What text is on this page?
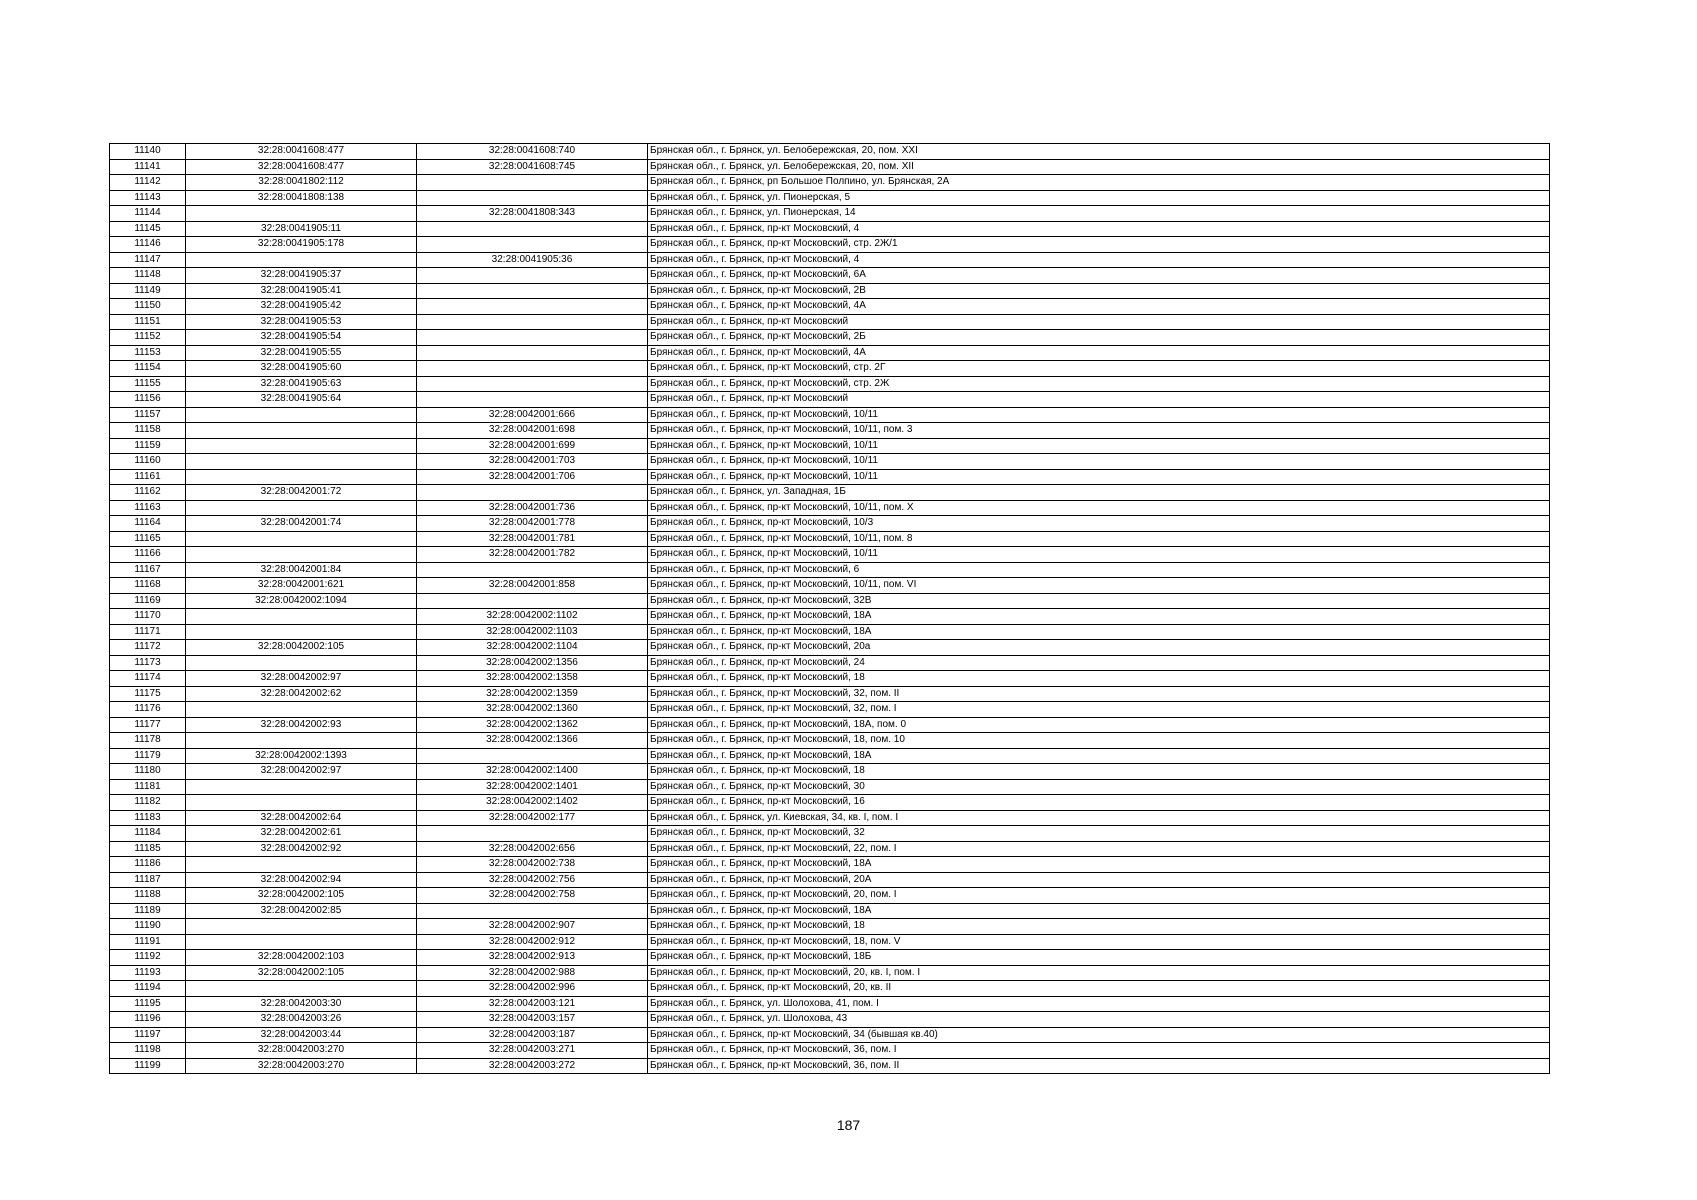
11140	32:28:0041608:477	32:28:0041608:740	Брянская обл., г. Брянск, ул. Белобережская, 20, пом. XXI
11141	32:28:0041608:477	32:28:0041608:745	Брянская обл., г. Брянск, ул. Белобережская, 20, пом. XII
11142	32:28:0041802:112		Брянская обл., г. Брянск, рп Большое Полпино, ул. Брянская, 2А
11143	32:28:0041808:138		Брянская обл., г. Брянск, ул. Пионерская, 5
11144		32:28:0041808:343	Брянская обл., г. Брянск, ул. Пионерская, 14
11145	32:28:0041905:11		Брянская обл., г. Брянск, пр-кт Московский, 4
11146	32:28:0041905:178		Брянская обл., г. Брянск, пр-кт Московский, стр. 2Ж/1
11147		32:28:0041905:36	Брянская обл., г. Брянск, пр-кт Московский, 4
11148	32:28:0041905:37		Брянская обл., г. Брянск, пр-кт Московский, 6А
11149	32:28:0041905:41		Брянская обл., г. Брянск, пр-кт Московский, 2В
11150	32:28:0041905:42		Брянская обл., г. Брянск, пр-кт Московский, 4А
11151	32:28:0041905:53		Брянская обл., г. Брянск, пр-кт Московский
11152	32:28:0041905:54		Брянская обл., г. Брянск, пр-кт Московский, 2Б
11153	32:28:0041905:55		Брянская обл., г. Брянск, пр-кт Московский, 4А
11154	32:28:0041905:60		Брянская обл., г. Брянск, пр-кт Московский, стр. 2Г
11155	32:28:0041905:63		Брянская обл., г. Брянск, пр-кт Московский, стр. 2Ж
11156	32:28:0041905:64		Брянская обл., г. Брянск, пр-кт Московский
11157		32:28:0042001:666	Брянская обл., г. Брянск, пр-кт Московский, 10/11
11158		32:28:0042001:698	Брянская обл., г. Брянск, пр-кт Московский, 10/11, пом. 3
11159		32:28:0042001:699	Брянская обл., г. Брянск, пр-кт Московский, 10/11
11160		32:28:0042001:703	Брянская обл., г. Брянск, пр-кт Московский, 10/11
11161		32:28:0042001:706	Брянская обл., г. Брянск, пр-кт Московский, 10/11
11162	32:28:0042001:72		Брянская обл., г. Брянск, ул. Западная, 1Б
11163		32:28:0042001:736	Брянская обл., г. Брянск, пр-кт Московский, 10/11, пом. X
11164	32:28:0042001:74	32:28:0042001:778	Брянская обл., г. Брянск, пр-кт Московский, 10/3
11165		32:28:0042001:781	Брянская обл., г. Брянск, пр-кт Московский, 10/11, пом. 8
11166		32:28:0042001:782	Брянская обл., г. Брянск, пр-кт Московский, 10/11
11167	32:28:0042001:84		Брянская обл., г. Брянск, пр-кт Московский, 6
11168	32:28:0042001:621	32:28:0042001:858	Брянская обл., г. Брянск, пр-кт Московский, 10/11, пом. VI
11169	32:28:0042002:1094		Брянская обл., г. Брянск, пр-кт Московский, 32В
11170		32:28:0042002:1102	Брянская обл., г. Брянск, пр-кт Московский, 18А
11171		32:28:0042002:1103	Брянская обл., г. Брянск, пр-кт Московский, 18А
11172	32:28:0042002:105	32:28:0042002:1104	Брянская обл., г. Брянск, пр-кт Московский, 20а
11173		32:28:0042002:1356	Брянская обл., г. Брянск, пр-кт Московский, 24
11174	32:28:0042002:97	32:28:0042002:1358	Брянская обл., г. Брянск, пр-кт Московский, 18
11175	32:28:0042002:62	32:28:0042002:1359	Брянская обл., г. Брянск, пр-кт Московский, 32, пом. II
11176		32:28:0042002:1360	Брянская обл., г. Брянск, пр-кт Московский, 32, пом. I
11177	32:28:0042002:93	32:28:0042002:1362	Брянская обл., г. Брянск, пр-кт Московский, 18А, пом. 0
11178		32:28:0042002:1366	Брянская обл., г. Брянск, пр-кт Московский, 18, пом. 10
11179	32:28:0042002:1393		Брянская обл., г. Брянск, пр-кт Московский, 18А
11180	32:28:0042002:97	32:28:0042002:1400	Брянская обл., г. Брянск, пр-кт Московский, 18
11181		32:28:0042002:1401	Брянская обл., г. Брянск, пр-кт Московский, 30
11182		32:28:0042002:1402	Брянская обл., г. Брянск, пр-кт Московский, 16
11183	32:28:0042002:64	32:28:0042002:177	Брянская обл., г. Брянск, ул. Киевская, 34, кв. I, пом. I
11184	32:28:0042002:61		Брянская обл., г. Брянск, пр-кт Московский, 32
11185	32:28:0042002:92	32:28:0042002:656	Брянская обл., г. Брянск, пр-кт Московский, 22, пом. I
11186		32:28:0042002:738	Брянская обл., г. Брянск, пр-кт Московский, 18А
11187	32:28:0042002:94	32:28:0042002:756	Брянская обл., г. Брянск, пр-кт Московский, 20А
11188	32:28:0042002:105	32:28:0042002:758	Брянская обл., г. Брянск, пр-кт Московский, 20, пом. I
11189	32:28:0042002:85		Брянская обл., г. Брянск, пр-кт Московский, 18А
11190		32:28:0042002:907	Брянская обл., г. Брянск, пр-кт Московский, 18
11191		32:28:0042002:912	Брянская обл., г. Брянск, пр-кт Московский, 18, пом. V
11192	32:28:0042002:103	32:28:0042002:913	Брянская обл., г. Брянск, пр-кт Московский, 18Б
11193	32:28:0042002:105	32:28:0042002:988	Брянская обл., г. Брянск, пр-кт Московский, 20, кв. I, пом. I
11194		32:28:0042002:996	Брянская обл., г. Брянск, пр-кт Московский, 20, кв. II
11195	32:28:0042003:30	32:28:0042003:121	Брянская обл., г. Брянск, ул. Шолохова, 41, пом. I
11196	32:28:0042003:26	32:28:0042003:157	Брянская обл., г. Брянск, ул. Шолохова, 43
11197	32:28:0042003:44	32:28:0042003:187	Брянская обл., г. Брянск, пр-кт Московский, 34 (бывшая кв.40)
11198	32:28:0042003:270	32:28:0042003:271	Брянская обл., г. Брянск, пр-кт Московский, 36, пом. I
11199	32:28:0042003:270	32:28:0042003:272	Брянская обл., г. Брянск, пр-кт Московский, 36, пом. II
187
